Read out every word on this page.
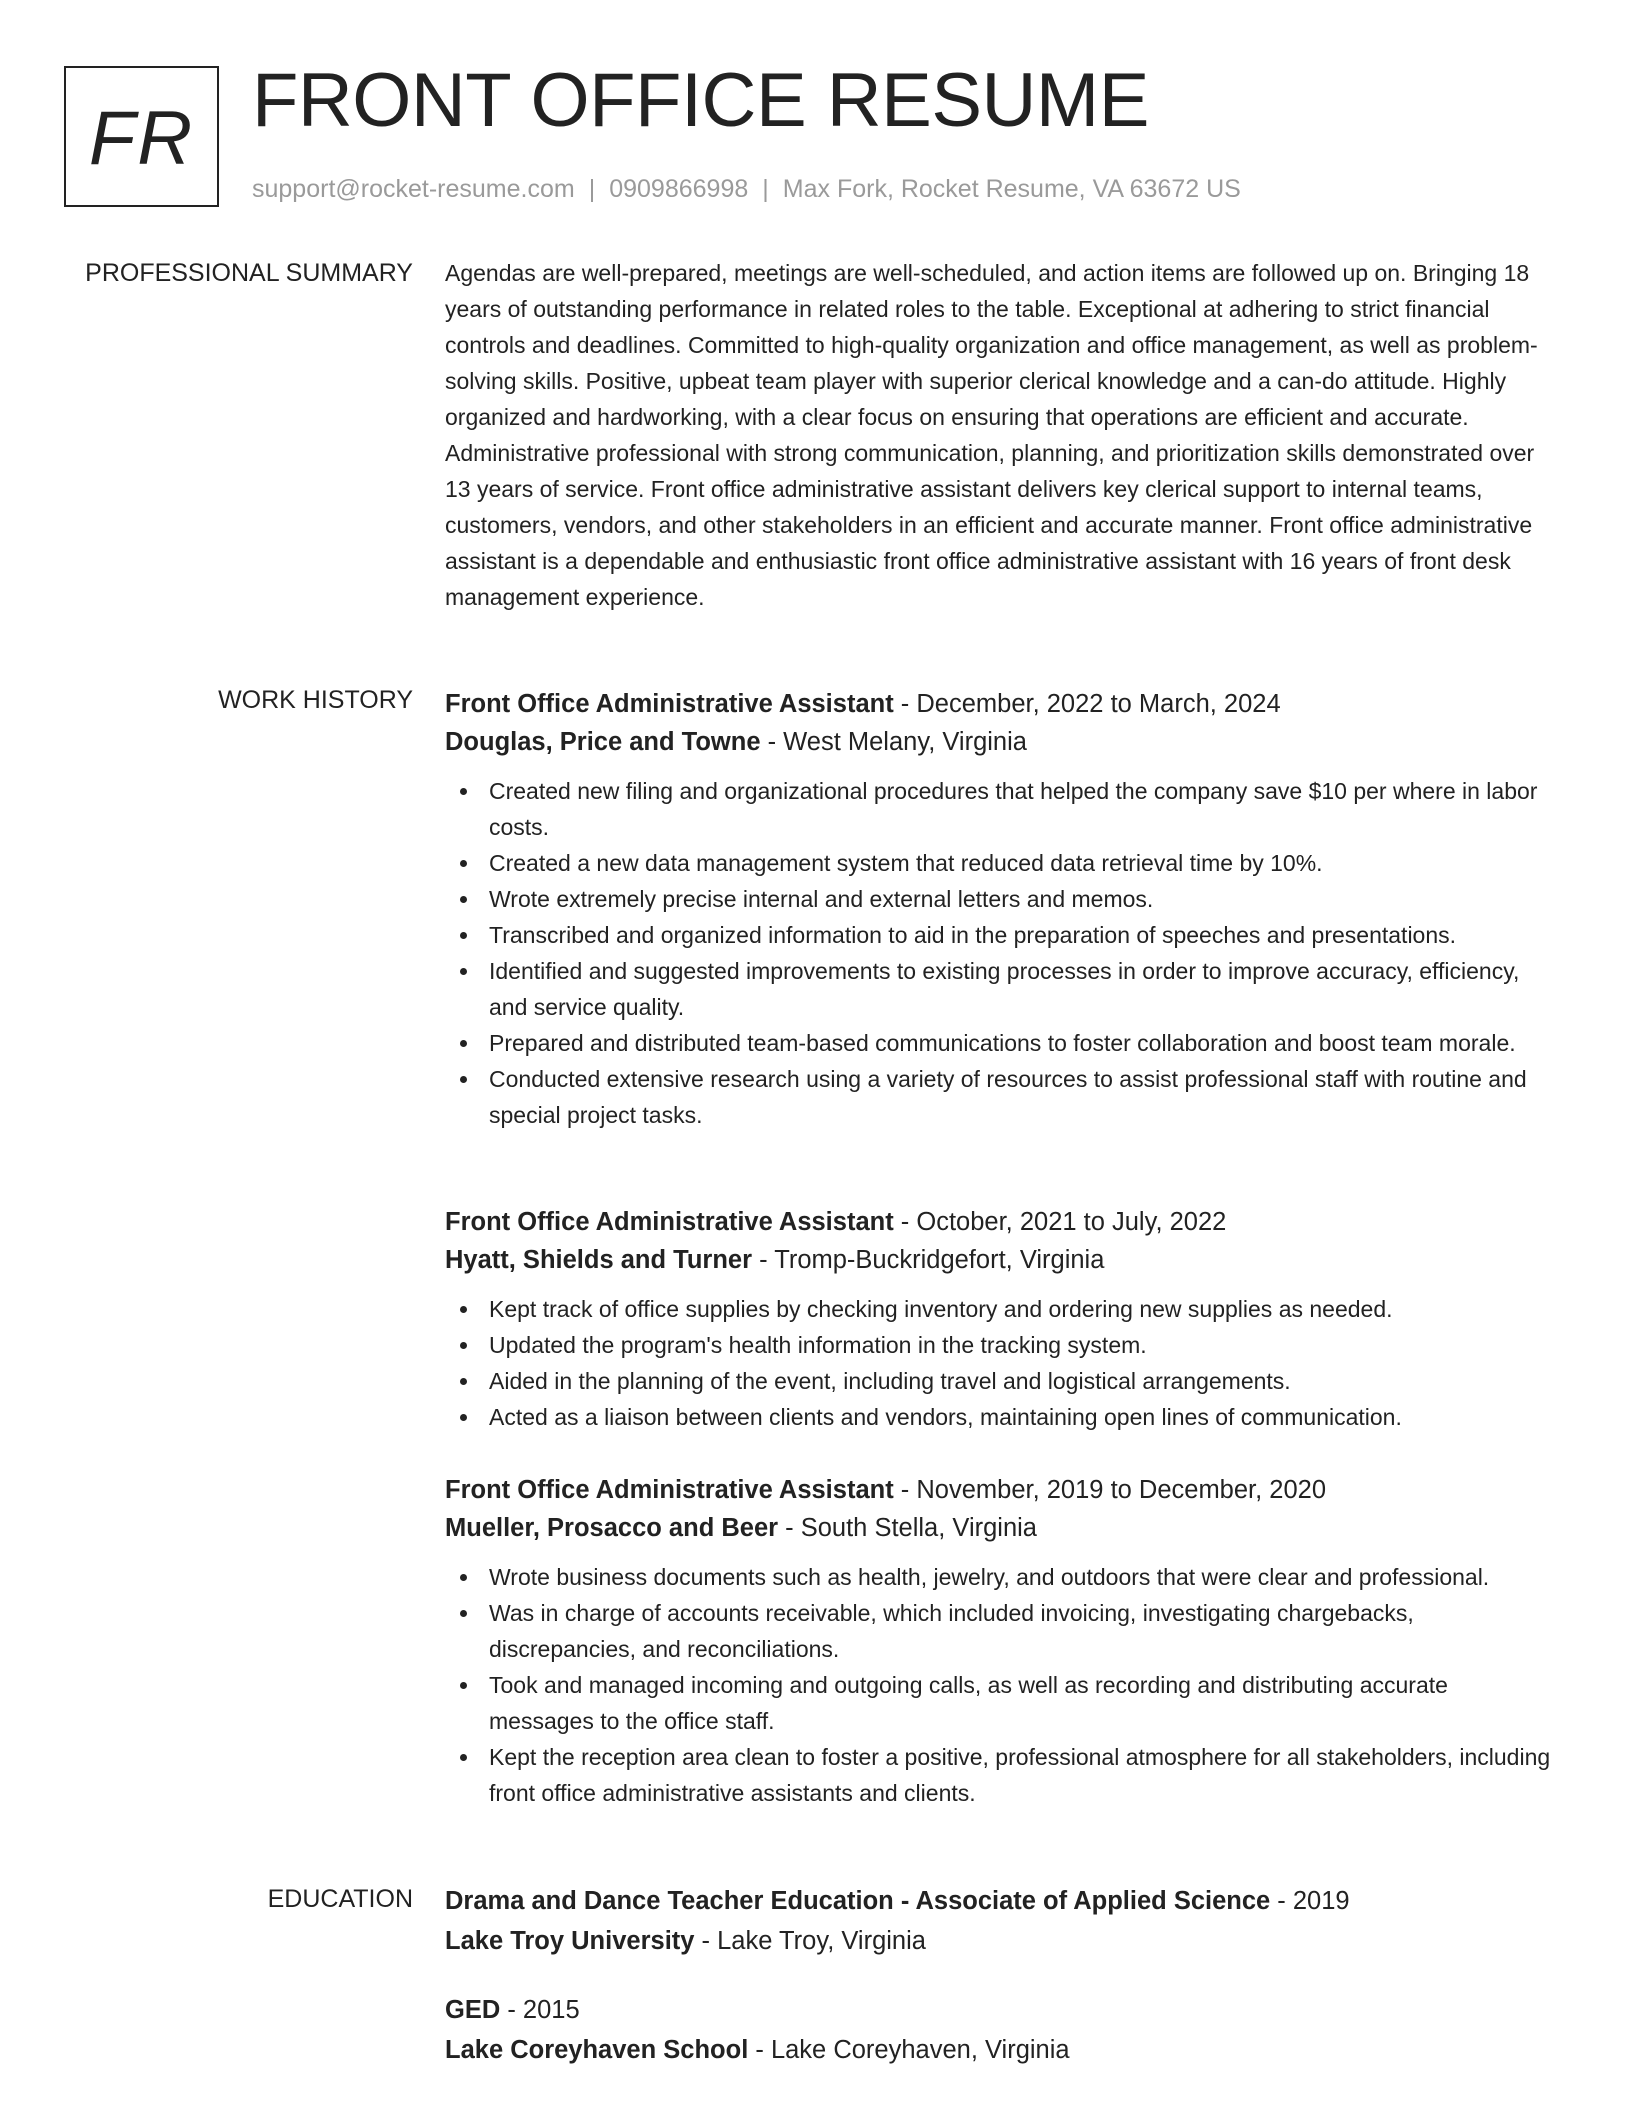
FR FRONT OFFICE RESUME
support@rocket-resume.com | 0909866998 | Max Fork, Rocket Resume, VA 63672 US
PROFESSIONAL SUMMARY Agendas are well-prepared, meetings are well-scheduled, and action items are followed up on. Bringing 18 years of outstanding performance in related roles to the table. Exceptional at adhering to strict financial controls and deadlines. Committed to high-quality organization and office management, as well as problem-solving skills. Positive, upbeat team player with superior clerical knowledge and a can-do attitude. Highly organized and hardworking, with a clear focus on ensuring that operations are efficient and accurate. Administrative professional with strong communication, planning, and prioritization skills demonstrated over 13 years of service. Front office administrative assistant delivers key clerical support to internal teams, customers, vendors, and other stakeholders in an efficient and accurate manner. Front office administrative assistant is a dependable and enthusiastic front office administrative assistant with 16 years of front desk management experience.

WORK HISTORY Front Office Administrative Assistant - December, 2022 to March, 2024
Douglas, Price and Towne - West Melany, Virginia
Created new filing and organizational procedures that helped the company save $10 per where in labor costs.
Created a new data management system that reduced data retrieval time by 10%.
Wrote extremely precise internal and external letters and memos.
Transcribed and organized information to aid in the preparation of speeches and presentations.
Identified and suggested improvements to existing processes in order to improve accuracy, efficiency, and service quality.
Prepared and distributed team-based communications to foster collaboration and boost team morale.
Conducted extensive research using a variety of resources to assist professional staff with routine and special project tasks.
Front Office Administrative Assistant - October, 2021 to July, 2022
Hyatt, Shields and Turner - Tromp-Buckridgefort, Virginia
Kept track of office supplies by checking inventory and ordering new supplies as needed.
Updated the program's health information in the tracking system.
Aided in the planning of the event, including travel and logistical arrangements.
Acted as a liaison between clients and vendors, maintaining open lines of communication.
Front Office Administrative Assistant - November, 2019 to December, 2020
Mueller, Prosacco and Beer - South Stella, Virginia
Wrote business documents such as health, jewelry, and outdoors that were clear and professional.
Was in charge of accounts receivable, which included invoicing, investigating chargebacks, discrepancies, and reconciliations.
Took and managed incoming and outgoing calls, as well as recording and distributing accurate messages to the office staff.
Kept the reception area clean to foster a positive, professional atmosphere for all stakeholders, including front office administrative assistants and clients.
EDUCATION Drama and Dance Teacher Education - Associate of Applied Science - 2019
Lake Troy University - Lake Troy, Virginia
GED - 2015
Lake Coreyhaven School - Lake Coreyhaven, Virginia
